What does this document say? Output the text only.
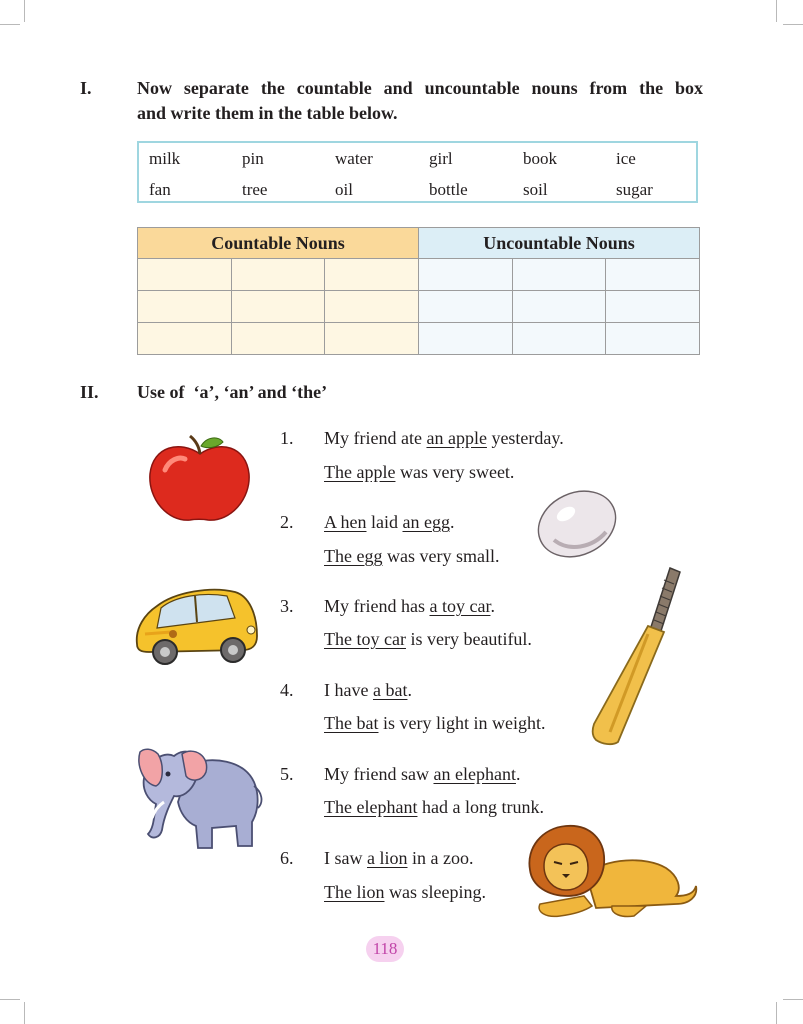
I.	Now separate the countable and uncountable nouns from the box
and write them in the table below.
milk	pin	water	girl	book	ice
fan	tree	oil	bottle	soil	sugar
Countable Nouns			Uncountable Nouns		

II. Use of  ‘a’, ‘an’ and ‘the’
1. My friend ate an apple yesterday.
The apple was very sweet.
2. A hen laid an egg.
The egg was very small.
3. My friend has a toy car.
The toy car is very beautiful.
4. I have a bat.
The bat is very light in weight.
5. My friend saw an elephant.
The elephant had a long trunk.
6. I saw a lion in a zoo.
The lion was sleeping.
118
